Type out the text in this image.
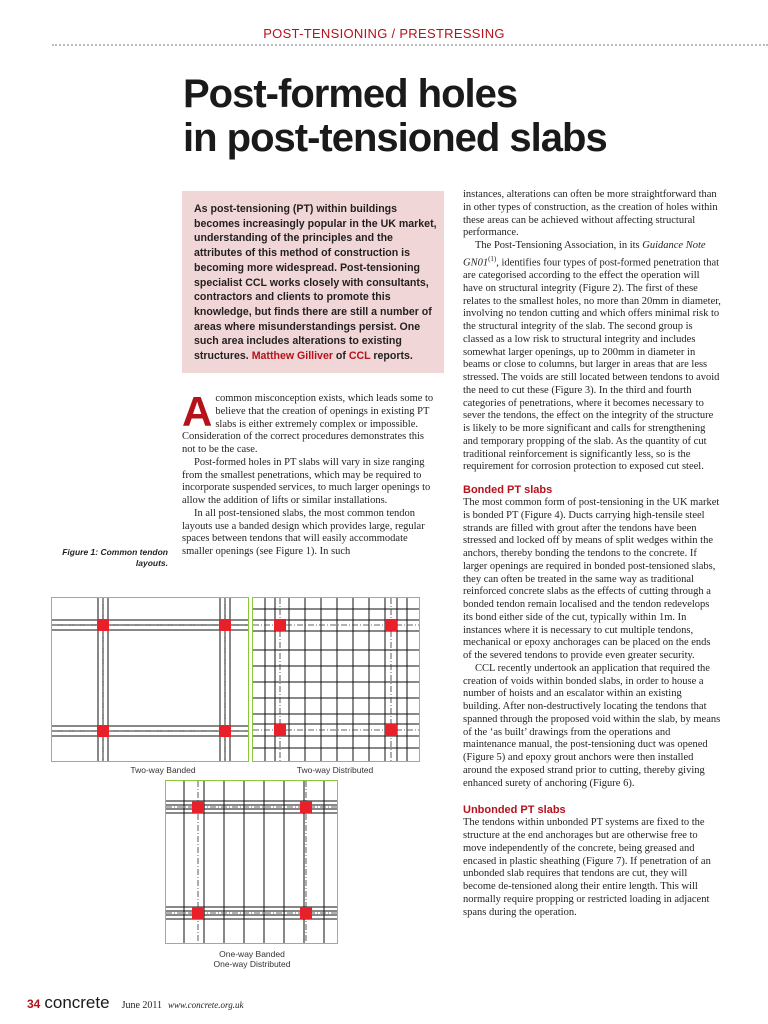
POST-TENSIONING / PRESTRESSING
Post-formed holes
in post-tensioned slabs
As post-tensioning (PT) within buildings becomes increasingly popular in the UK market, understanding of the principles and the attributes of this method of construction is becoming more widespread. Post-tensioning specialist CCL works closely with consultants, contractors and clients to promote this knowledge, but finds there are still a number of areas where misunderstandings persist. One such area includes alterations to existing structures. Matthew Gilliver of CCL reports.

Acommon misconception exists, which leads some to believe that the creation of openings in existing PT slabs is either extremely complex or impossible. Consideration of the correct procedures demonstrates this not to be the case.

Post-formed holes in PT slabs will vary in size ranging from the smallest penetrations, which may be required to incorporate suspended services, to much larger openings to allow the addition of lifts or similar installations.

In all post-tensioned slabs, the most common tendon layouts use a banded design which provides large, regular spaces between tendons that will easily accommodate smaller openings (see Figure 1). In such

Figure 1: Common tendon layouts.
Two-way Banded	Two-way Distributed
One-way Banded
One-way Distributed

instances, alterations can often be more straightforward than in other types of construction, as the creation of holes within these areas can be achieved without affecting structural performance.

The Post-Tensioning Association, in its Guidance Note GN01$^{(1)}$, identifies four types of post-formed penetration that are categorised according to the effect the operation will have on structural integrity (Figure 2). The first of these relates to the smallest holes, no more than 20mm in diameter, involving no tendon cutting and which offers minimal risk to the structural integrity of the slab. The second group is classed as a low risk to structural integrity and includes somewhat larger openings, up to 200mm in diameter in beams or close to columns, but larger in areas that are less stressed. The voids are still located between tendons to avoid the need to cut these (Figure 3). In the third and fourth categories of penetrations, where it becomes necessary to sever the tendons, the effect on the integrity of the structure is likely to be more significant and calls for strengthening and temporary propping of the slab. As the quantity of cut traditional reinforcement is significantly less, so is the requirement for corrosion protection to exposed cut steel.

Bonded PT slabs

The most common form of post-tensioning in the UK market is bonded PT (Figure 4). Ducts carrying high-tensile steel strands are filled with grout after the tendons have been stressed and locked off by means of split wedges within the anchors, thereby bonding the tendons to the concrete. If larger openings are required in bonded post-tensioned slabs, they can often be treated in the same way as traditional reinforced concrete slabs as the effects of cutting through a bonded tendon remain localised and the tendon redevelops its bond either side of the cut, typically within 1m. In instances where it is necessary to cut multiple tendons, mechanical or epoxy anchorages can be placed on the ends of the severed tendons to provide even greater security.

CCL recently undertook an application that required the creation of voids within bonded slabs, in order to house a number of hoists and an escalator within an existing building. After non-destructively locating the tendons that spanned through the proposed void within the slab, by means of the ‘as built’ drawings from the operations and maintenance manual, the post-tensioning duct was opened (Figure 5) and epoxy grout anchors were then installed around the exposed strand prior to cutting, thereby giving enhanced surety of anchoring (Figure 6).

Unbonded PT slabs

The tendons within unbonded PT systems are fixed to the structure at the end anchorages but are otherwise free to move independently of the concrete, being greased and encased in plastic sheathing (Figure 7). If penetration of an unbonded slab requires that tendons are cut, they will become de-tensioned along their entire length. This will normally require propping or restricted loading in adjacent spans during the operation.

34 concrete June 2011 www.concrete.org.uk
